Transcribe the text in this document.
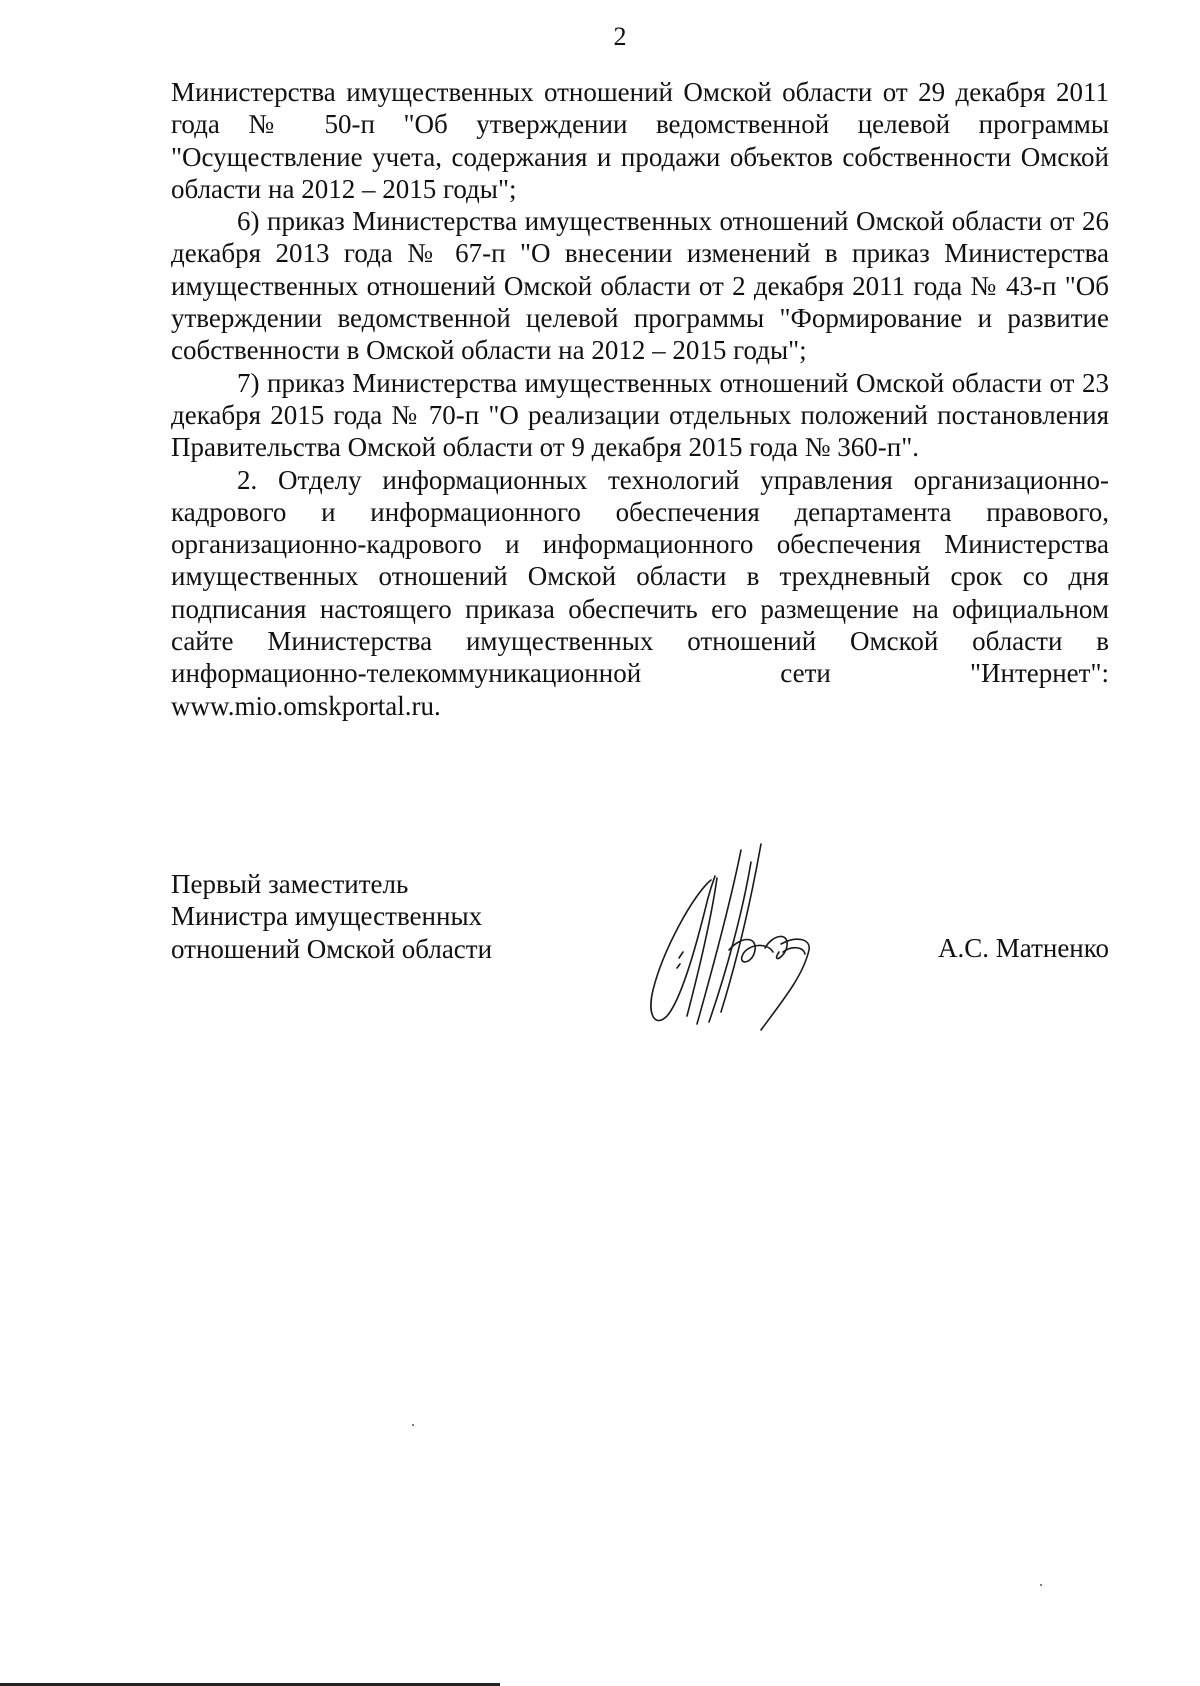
2

Министерства имущественных отношений Омской области от 29 декабря 2011 года № 50-п "Об утверждении ведомственной целевой программы "Осуществление учета, содержания и продажи объектов собственности Омской области на 2012 – 2015 годы";

6) приказ Министерства имущественных отношений Омской области от 26 декабря 2013 года № 67-п "О внесении изменений в приказ Министерства имущественных отношений Омской области от 2 декабря 2011 года № 43-п "Об утверждении ведомственной целевой программы "Формирование и развитие собственности в Омской области на 2012 – 2015 годы";

7) приказ Министерства имущественных отношений Омской области от 23 декабря 2015 года № 70-п "О реализации отдельных положений постановления Правительства Омской области от 9 декабря 2015 года № 360-п".

2. Отделу информационных технологий управления организационно-кадрового и информационного обеспечения департамента правового, организационно-кадрового и информационного обеспечения Министерства имущественных отношений Омской области в трехдневный срок со дня подписания настоящего приказа обеспечить его размещение на официальном сайте Министерства имущественных отношений Омской области в информационно-телекоммуникационной сети "Интернет": www.mio.omskportal.ru.

Первый заместитель
Министра имущественных
отношений Омской области	А.С. Матненко
